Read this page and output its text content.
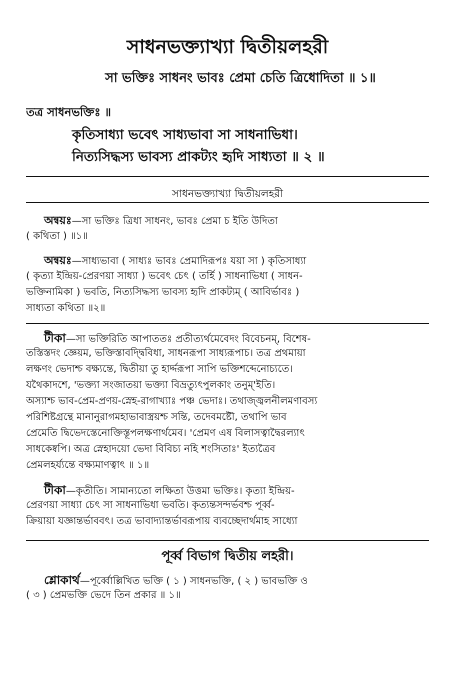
সাধনভক্ত্যাখ্যা দ্বিতীয়লহরী
সা ভক্তিঃ সাধনং ভাবঃ প্রেমা চেতি ত্রিধোদিতা ॥ ১॥
তত্র সাধনভক্তিঃ ॥
কৃতিসাধ্যা ভবেৎ সাধ্যভাবা সা সাধনাভিধা।
নিত্যসিদ্ধস্য ভাবস্য প্রাকট্যং হৃদি সাধ্যতা ॥ ২ ॥
সাধনভক্ত্যাখ্যা দ্বিতীয়লহরী
অন্বয়ঃ—সা ভক্তিঃ ত্রিধা সাধনং, ভাবঃ প্রেমা চ ইতি উদিতা
( কথিতা ) ॥১॥
অন্বয়ঃ—সাধ্যভাবা ( সাধ্যঃ ভাবঃ প্রেমাদিরূপঃ যয়া সা ) কৃতিসাধ্যা
( কৃত্যা ইন্দ্রিয়-প্রেরণয়া সাধ্যা ) ভবেৎ চেৎ ( তর্হি ) সাধনাভিধা ( সাধন-
ভক্তিনামিকা ) ভবতি, নিত্যসিদ্ধস্য ভাবস্য হৃদি প্রাকট্যম্ ( আবির্ভাবঃ )
সাধ্যতা কথিতা ॥২॥
টীকা—সা ভক্তিরিতি আপাততঃ প্রতীত্যর্থমেবেদং বিবেচনম্, বিশেষ-
তস্তিস্তদং জ্ঞেয়ম, ভক্তিস্তাবদ্দ্বিবিধা, সাধনরূপা সাধ্যরূপাচ। তত্র প্রথমায়া
লক্ষণং ভেদাশ্চ বক্ষ্যন্তে, দ্বিতীয়া তু হার্দ্দরূপা সাপি ভক্তিশব্দেনোচ্যতে।
যথৈকাদশে, 'ভক্ত্যা সংজাতয়া ভক্ত্যা বিভ্রত্যুৎপুলকাং তনুম্'ইতি।
অস্যাশ্চ ভাব-প্রেম-প্রণয়-স্নেহ-রাগাখ্যাঃ পঞ্চ ভেদাঃ। তথাজ্জ্বলনীলমণাবস্য
পরিশিষ্টগ্রন্থে মানানুরাগমহাভাবাস্ত্রয়শ্চ সন্তি, তদেবমষ্টৌ, তথাপি ভাব
প্রেমেতি দ্বিভেদস্তেনোক্তিস্তূপলক্ষণার্থমেব। 'প্রেমণ এষ বিলাসত্বাদ্বৈরল্যাৎ
সাধকেষ্বপি। অত্র স্নেহাদয়ো ভেদা বিবিচ্য নহি শংসিতাঃ' ইত্যত্রৈব
প্রেমলহর্য্যন্তে বক্ষ্যমাণত্বাৎ ॥ ১॥
টীকা—কৃতীতি। সামান্যতো লক্ষিতা উত্তমা ভক্তিঃ। কৃত্যা ইন্দ্রিয়-
প্রেরণয়া সাধ্যা চেৎ সা সাধনাভিধা ভবতি। কৃত্যন্তসন্দর্ভবশ্চ পূর্ব্ব-
ক্রিয়ায়া যজ্ঞান্তর্ভাববৎ। তত্র ভাবাদ্যান্তর্ভাবরূপায় ব্যবচ্ছেদার্থমাহ সাধ্যো
পূর্ব্ব বিভাগ দ্বিতীয় লহরী।
শ্লোকার্থ—পূর্ব্বোল্লিখিত ভক্তি ( ১ ) সাধনভক্তি, ( ২ ) ভাবভক্তি ও
( ৩ ) প্রেমভক্তি ভেদে তিন প্রকার ॥ ১॥
